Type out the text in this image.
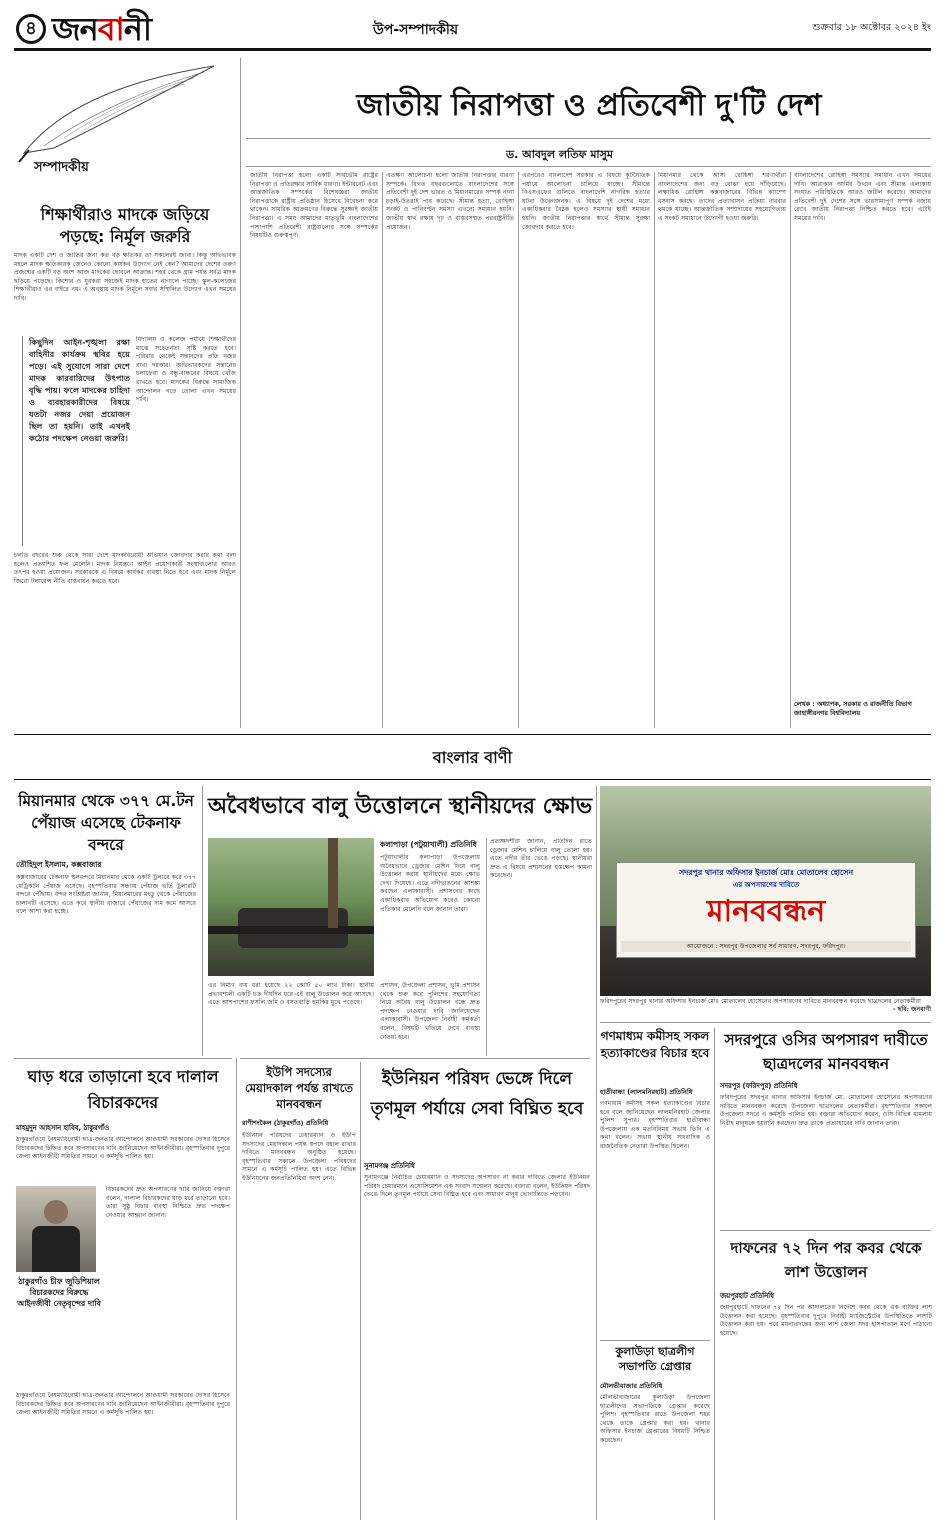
৪ জনবানী	উপ-সম্পাদকীয়	শুক্রবার ১৮ অক্টোবর ২০২৪ ইং
সম্পাদকীয়
শিক্ষার্থীরাও মাদকে জড়িয়ে পড়ছে: নির্মূল জরুরি
মাদক একটি দেশ ও জাতির জন্য কত বড় ক্ষতিকর তা সকলেরই জানা। কিন্তু অভিভাবক মহলে মাদক ক্ষতিকারক জেনেও কোনো কার্যকর উদ্যোগ নেই কেন? আমাদের দেশের তরুণ প্রজন্মের একটি বড় অংশ আজ মাদকের ছোবলে আক্রান্ত। শহর থেকে গ্রাম পর্যন্ত সর্বত্র মাদক ছড়িয়ে পড়েছে। কিশোর ও যুবকরা সহজেই মাদক হাতের নাগালে পাচ্ছে। স্কুল-কলেজের শিক্ষার্থীরাও এর বাইরে নয়। এ অবস্থায় মাদক নির্মূলে সবার সম্মিলিত উদ্যোগ এখন সময়ের দাবি।
কিছুদিন আইন-শৃঙ্খলা রক্ষা বাহিনীর কার্যক্রম স্থবির হয়ে পড়ে। এই সুযোগে সারা দেশে মাদক কারবারিদের উৎপাত বৃদ্ধি পায়। ফলে মাদকের চাহিদা ও ব্যবহারকারীদের বিষয়ে যতটা নজর দেয়া প্রয়োজন ছিল তা হয়নি। তাই এখনই কঠোর পদক্ষেপ নেওয়া জরুরি।
বিদ্যালয় ও কলেজ পর্যায়ে শিক্ষার্থীদের মাঝে সচেতনতা সৃষ্টি করতে হবে। পরিবার থেকেই সন্তানদের প্রতি নজর রাখা দরকার। অভিভাবকদের সন্তানের চলাফেরা ও বন্ধু-বান্ধবের বিষয়ে খোঁজ রাখতে হবে। মাদকের বিরুদ্ধে সামাজিক আন্দোলন গড়ে তোলা এখন সময়ের দাবি।
চলতি বছরের শুরু থেকে সারা দেশে মাদকবিরোধী অভিযান জোরদার করার কথা বলা হলেও প্রত্যাশিত ফল মেলেনি। মাদক নিয়ন্ত্রণে আইন প্রয়োগকারী সংস্থাগুলোর আরও তৎপর হওয়া প্রয়োজন। সরকারকে এ বিষয়ে কার্যকর ব্যবস্থা নিতে হবে এবং মাদক নির্মূলে জিরো টলারেন্স নীতি বাস্তবায়ন করতে হবে।
জাতীয় নিরাপত্তা ও প্রতিবেশী দু'টি দেশ
ড. আবদুল লতিফ মাসুম
জাতীয় নিরাপত্তা হলো একটি সার্বভৌম রাষ্ট্রের নিরাপত্তা ও প্রতিরক্ষার সার্বিক ধারণা। ইন্টারনেট এবং আন্তর্জাতিক সম্পর্কের বিশেষজ্ঞরা জাতীয় নিরাপত্তাকে রাষ্ট্রীয় প্রতিষ্ঠান হিসেবে বিবেচনা করে থাকেন। সামরিক আক্রমণের বিরুদ্ধে সুরক্ষাই জাতীয় নিরাপত্তা। এ সময় আমাদের মাতৃভূমি বাংলাদেশের পাশাপাশি প্রতিবেশী রাষ্ট্রগুলোর সঙ্গে সম্পর্কের বিষয়টিও গুরুত্বপূর্ণ।
এতক্ষণ আলোচনা হলো জাতীয় নিরাপত্তার ধারণা সম্পর্কে। বিগত বছরগুলোতে বাংলাদেশের সঙ্গে প্রতিবেশী দুই দেশ ভারত ও মিয়ানমারের সম্পর্ক নানা চড়াই-উতরাই পার করেছে। সীমান্ত হত্যা, রোহিঙ্গা সংকট ও পানিবণ্টন সমস্যা এখনো সমাধান হয়নি। জাতীয় স্বার্থ রক্ষায় দৃঢ় ও বাস্তবসম্মত পররাষ্ট্রনীতি প্রয়োজন।
এরপরেও বাংলাদেশ সরকার এ বিষয়ে কূটনৈতিক পর্যায়ে আলোচনা চালিয়ে যাচ্ছে। সীমান্তে বিএসএফের গুলিতে বাংলাদেশি নাগরিক হত্যার ঘটনা উদ্বেগজনক। এ বিষয়ে দুই দেশের মধ্যে একাধিকবার বৈঠক হলেও সমস্যার স্থায়ী সমাধান হয়নি। জাতীয় নিরাপত্তার স্বার্থে সীমান্ত সুরক্ষা জোরদার করতে হবে।
মিয়ানমার থেকে আসা রোহিঙ্গা শরণার্থীরা বাংলাদেশের জন্য বড় বোঝা হয়ে দাঁড়িয়েছে। লক্ষাধিক রোহিঙ্গা কক্সবাজারের বিভিন্ন ক্যাম্পে বসবাস করছে। তাদের প্রত্যাবাসন প্রক্রিয়া বারবার থমকে যাচ্ছে। আন্তর্জাতিক সম্প্রদায়ের সহযোগিতায় এ সংকট সমাধানে উদ্যোগী হওয়া জরুরি।
বাংলাদেশের রোহিঙ্গা সমস্যার সমাধান এখন সময়ের দাবি। আরাকান আর্মির উত্থান এবং সীমান্ত এলাকায় সংঘাত পরিস্থিতিকে আরও জটিল করেছে। আমাদের প্রতিবেশী দুই দেশের সঙ্গে ভারসাম্যপূর্ণ সম্পর্ক বজায় রেখে জাতীয় নিরাপত্তা নিশ্চিত করতে হবে। এটাই সময়ের দাবি।
লেখক : অধ্যাপক, সরকার ও রাজনীতি বিভাগ জাহাঙ্গীরনগর বিশ্ববিদ্যালয়
বাংলার বাণী
মিয়ানমার থেকে ৩৭৭ মে.টন পেঁয়াজ এসেছে টেকনাফ বন্দরে
তৌহিদুল ইসলাম, কক্সবাজার
কক্সবাজারের টেকনাফ স্থলবন্দরে মিয়ানমার থেকে একটি ট্রলারে করে ৩৭৭ মেট্রিকটন পেঁয়াজ এসেছে। বৃহস্পতিবার সন্ধ্যায় পেঁয়াজ ভর্তি ট্রলারটি বন্দরে পৌঁছায়। বন্দর সংশ্লিষ্টরা জানান, মিয়ানমারের মংডু থেকে পেঁয়াজের চালানটি এসেছে। এতে করে স্থানীয় বাজারে পেঁয়াজের দাম কমে আসবে বলে আশা করা হচ্ছে।
অবৈধভাবে বালু উত্তোলনে স্থানীয়দের ক্ষোভ
কলাপাড়া (পটুয়াখালী) প্রতিনিধি
পটুয়াখালীর কলাপাড়া উপজেলায় অবৈধভাবে ড্রেজার মেশিন দিয়ে বালু উত্তোলন করায় স্থানীয়দের মধ্যে ক্ষোভ দেখা দিয়েছে। এতে নদীভাঙনের আশঙ্কা করছেন এলাকাবাসী। প্রশাসনের কাছে একাধিকবার অভিযোগ করেও কোনো প্রতিকার মেলেনি বলে জানান তারা।
এর নির্মাণ ব্যয় ধরা হয়েছে ২২ কোটি ৫০ লাখ টাকা। স্থানীয় প্রভাবশালী একটি চক্র দীর্ঘদিন ধরে এই বালু উত্তোলন করে আসছে। এতে আশপাশের ফসলি জমি ও বসতবাড়ি হুমকির মুখে পড়েছে।
প্রশাসন, উপজেলা প্রশাসন, ভূমি প্রশাসন থেকে শুরু করে পুলিশের সহযোগিতা নিয়ে অবৈধ বালু উত্তোলন বন্ধে দ্রুত পদক্ষেপ নেওয়ার দাবি জানিয়েছেন এলাকাবাসী। উপজেলা নির্বাহী কর্মকর্তা বলেন, বিষয়টি খতিয়ে দেখে ব্যবস্থা নেওয়া হবে।
প্রত্যক্ষদর্শীরা জানান, প্রতিদিন রাতে ড্রেজার মেশিন চালিয়ে বালু তোলা হয়। এতে নদীর তীর ভেঙে পড়ছে। স্থানীয়রা দ্রুত এ বিষয়ে প্রশাসনের হস্তক্ষেপ কামনা করেছেন।	সদরপুর থানার অফিসার ইনচার্জ মোঃ মোতালেব হোসেন
এর অপসারণের দাবিতে
মানববন্ধন
আয়োজনে : সদরপুর উপজেলার সর্ব সাধারণ, সদরপুর, ফরিদপুর।
ফরিদপুরের সদরপুর থানার অফিসার ইনচার্জ মোঃ মোতালেব হোসেনের অপসারণের দাবিতে মানববন্ধন করেছে ছাত্রদলের নেতাকর্মীরা
- ছবি: জনবাণী
গণমাধ্যম কমীসহ সকল হত্যাকাণ্ডের বিচার হবে
হাতীবান্ধা (লালমনিরহাট) প্রতিনিধি
গণমাধ্যম কর্মীসহ সকল হত্যাকাণ্ডের বিচার হবে বলে জানিয়েছেন লালমনিরহাট জেলার পুলিশ সুপার। বৃহস্পতিবার হাতীবান্ধা উপজেলায় এক মতবিনিময় সভায় তিনি এ কথা বলেন। সভায় স্থানীয় সাংবাদিক ও রাজনৈতিক নেতারা উপস্থিত ছিলেন।
সদরপুরে ওসির অপসারণ দাবীতে ছাত্রদলের মানববন্ধন
সদরপুর (ফরিদপুর) প্রতিনিধি
ফরিদপুরের সদরপুর থানার অফিসার ইনচার্জ মো. মোতালেব হোসেনের অপসারণের দাবিতে মানববন্ধন করেছে উপজেলা ছাত্রদলের নেতাকর্মীরা। বৃহস্পতিবার সকালে উপজেলা সদরে এ কর্মসূচি পালিত হয়। বক্তারা অভিযোগ করেন, ওসি বিভিন্ন মামলায় নিরীহ মানুষকে হয়রানি করছেন। দ্রুত তাকে প্রত্যাহারের দাবি জানান তারা।
দাফনের ৭২ দিন পর কবর থেকে লাশ উত্তোলন
জয়পুরহাট প্রতিনিধি
জয়পুরহাটে দাফনের ৭২ দিন পর আদালতের নির্দেশে কবর থেকে এক ব্যক্তির লাশ উত্তোলন করা হয়েছে। বৃহস্পতিবার দুপুরে নির্বাহী ম্যাজিস্ট্রেটের উপস্থিতিতে লাশটি উত্তোলন করা হয়। পরে ময়নাতদন্তের জন্য লাশ জেলা সদর হাসপাতাল মর্গে পাঠানো হয়েছে।
কুলাউড়া ছাত্রলীগ সভাপতি গ্রেপ্তার
মৌলভীবাজার প্রতিনিধি
মৌলভীবাজারের কুলাউড়া উপজেলা ছাত্রলীগের সভাপতিকে গ্রেপ্তার করেছে পুলিশ। বৃহস্পতিবার রাতে উপজেলা শহর থেকে তাকে গ্রেপ্তার করা হয়। থানার অফিসার ইনচার্জ গ্রেপ্তারের বিষয়টি নিশ্চিত করেছেন।
ঘাড় ধরে তাড়ানো হবে দালাল বিচারকদের
মাহমুদুন আহসান হাবিব, ঠাকুরগাঁও
ঠাকুরগাঁওয়ে বৈষম্যবিরোধী ছাত্র-জনতার আন্দোলনে আওয়ামী সরকারের দোসর হিসেবে বিচারকদের চিহ্নিত করে অপসারণের দাবি জানিয়েছেন আইনজীবীরা। বৃহস্পতিবার দুপুরে জেলা আইনজীবী সমিতির সামনে এ কর্মসূচি পালিত হয়।
ঠাকুরগাঁও চীফ জুডিশিয়াল বিচারকদের বিরুদ্ধে আইনজীবী নেতৃবৃন্দের দাবি
বিচারকদের দ্রুত অপসারণের দাবি জানিয়ে বক্তারা বলেন, দালাল বিচারকদের ঘাড় ধরে তাড়ানো হবে। তারা সুষ্ঠু বিচার ব্যবস্থা নিশ্চিতে দ্রুত পদক্ষেপ নেওয়ার আহ্বান জানান।
ঠাকুরগাঁওয়ে বৈষম্যবিরোধী ছাত্র-জনতার আন্দোলনে আওয়ামী সরকারের দোসর হিসেবে বিচারকদের চিহ্নিত করে অপসারণের দাবি জানিয়েছেন আইনজীবীরা। বৃহস্পতিবার দুপুরে জেলা আইনজীবী সমিতির সামনে এ কর্মসূচি পালিত হয়।
ইউপি সদস্যের মেয়াদকাল পর্যন্ত রাখতে মানববন্ধন
রাণীশংকৈল (ঠাকুরগাঁও) প্রতিনিধি
ইউনিয়ন পরিষদের চেয়ারম্যান ও ইউপি সদস্যদের মেয়াদকাল পর্যন্ত স্বপদে বহাল রাখার দাবিতে মানববন্ধন অনুষ্ঠিত হয়েছে। বৃহস্পতিবার সকালে উপজেলা পরিষদের সামনে এ কর্মসূচি পালিত হয়। এতে বিভিন্ন ইউনিয়নের জনপ্রতিনিধিরা অংশ নেন।
ইউনিয়ন পরিষদ ভেঙ্গে দিলে তৃণমূল পর্যায়ে সেবা বিঘ্নিত হবে
সুনামগঞ্জ প্রতিনিধি
সুনামগঞ্জে নির্বাচিত চেয়ারম্যান ও সদস্যদের অপসারণ না করার দাবিতে জেলার ইউনিয়ন পরিষদ চেয়ারম্যান এসোসিয়েশন এক সংবাদ সম্মেলন করেছে। বক্তারা বলেন, ইউনিয়ন পরিষদ ভেঙে দিলে তৃণমূল পর্যায়ে সেবা বিঘ্নিত হবে এবং সাধারণ মানুষ ভোগান্তিতে পড়বেন।
